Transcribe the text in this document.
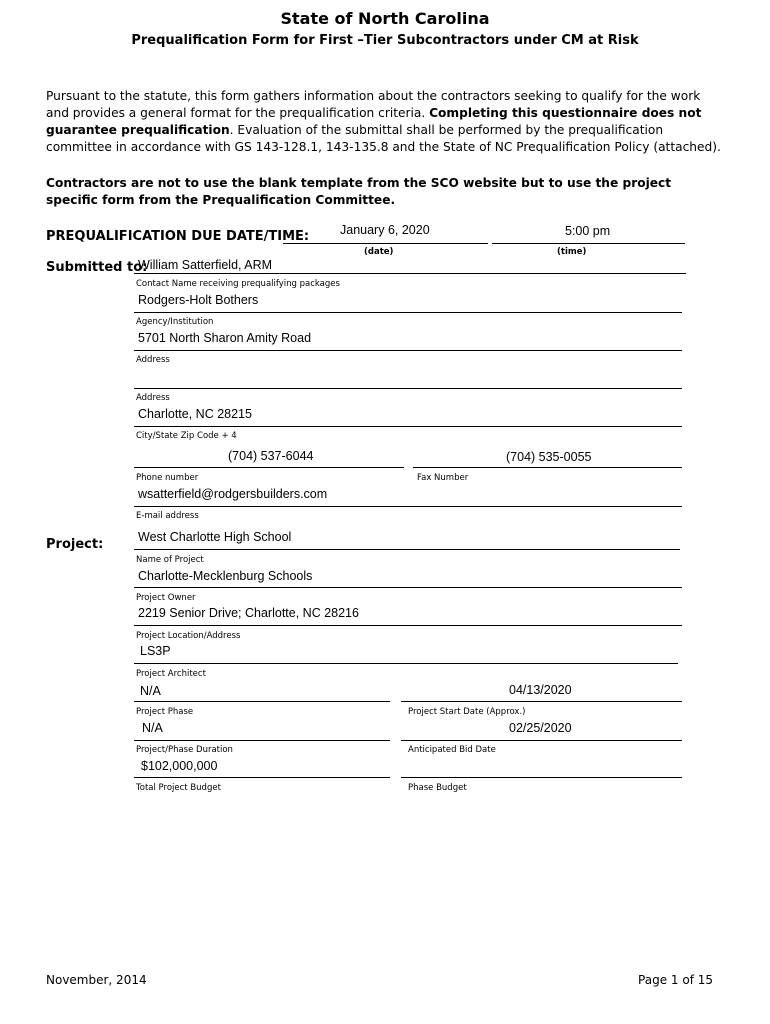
State of North Carolina
Prequalification Form for First –Tier Subcontractors under CM at Risk
Pursuant to the statute, this form gathers information about the contractors seeking to qualify for the work and provides a general format for the prequalification criteria. Completing this questionnaire does not guarantee prequalification. Evaluation of the submittal shall be performed by the prequalification committee in accordance with GS 143-128.1, 143-135.8 and the State of NC Prequalification Policy (attached).
Contractors are not to use the blank template from the SCO website but to use the project specific form from the Prequalification Committee.
PREQUALIFICATION DUE DATE/TIME: January 6, 2020	5:00 pm
(date)	(time)
Submitted to:
William Satterfield, ARM
Contact Name receiving prequalifying packages
Rodgers-Holt Bothers
Agency/Institution
5701 North Sharon Amity Road
Address
Address
Charlotte, NC 28215
City/State Zip Code + 4
(704) 537-6044	(704) 535-0055
Phone number	Fax Number
wsatterfield@rodgersbuilders.com
E-mail address
Project:	West Charlotte High School
Name of Project
Charlotte-Mecklenburg Schools
Project Owner
2219 Senior Drive; Charlotte, NC 28216
Project Location/Address
LS3P
Project Architect
N/A	04/13/2020
Project Phase	Project Start Date (Approx.)
N/A	02/25/2020
Project/Phase Duration	Anticipated Bid Date
$102,000,000
Total Project Budget	Phase Budget
November, 2014	Page 1 of 15
